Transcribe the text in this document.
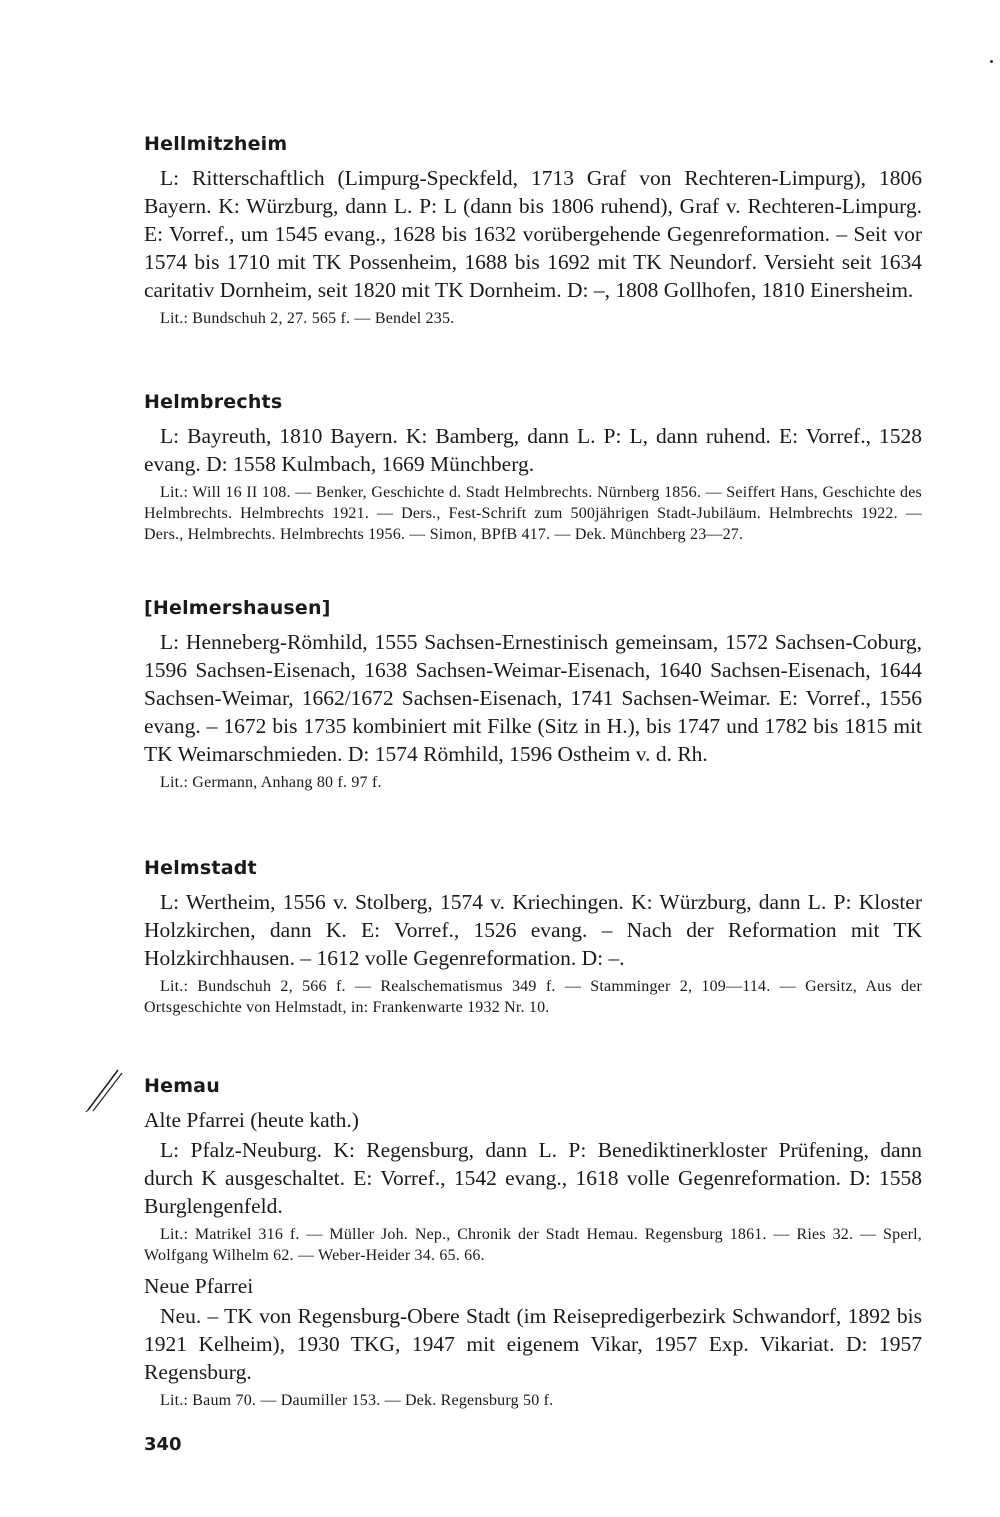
Hellmitzheim

L: Ritterschaftlich (Limpurg-Speckfeld, 1713 Graf von Rechteren-Limpurg), 1806 Bayern. K: Würzburg, dann L. P: L (dann bis 1806 ruhend), Graf v. Rechteren-Limpurg. E: Vorref., um 1545 evang., 1628 bis 1632 vorübergehende Gegenreformation. – Seit vor 1574 bis 1710 mit TK Possenheim, 1688 bis 1692 mit TK Neundorf. Versieht seit 1634 caritativ Dornheim, seit 1820 mit TK Dornheim. D: –, 1808 Gollhofen, 1810 Einersheim.

Lit.: Bundschuh 2, 27. 565 f. — Bendel 235.

Helmbrechts

L: Bayreuth, 1810 Bayern. K: Bamberg, dann L. P: L, dann ruhend. E: Vorref., 1528 evang. D: 1558 Kulmbach, 1669 Münchberg.

Lit.: Will 16 II 108. — Benker, Geschichte d. Stadt Helmbrechts. Nürnberg 1856. — Seiffert Hans, Geschichte des Helmbrechts. Helmbrechts 1921. — Ders., Fest-Schrift zum 500jährigen Stadt-Jubiläum. Helmbrechts 1922. — Ders., Helmbrechts. Helmbrechts 1956. — Simon, BPfB 417. — Dek. Münchberg 23—27.

[Helmershausen]

L: Henneberg-Römhild, 1555 Sachsen-Ernestinisch gemeinsam, 1572 Sachsen-Coburg, 1596 Sachsen-Eisenach, 1638 Sachsen-Weimar-Eisenach, 1640 Sachsen-Eisenach, 1644 Sachsen-Weimar, 1662/1672 Sachsen-Eisenach, 1741 Sachsen-Weimar. E: Vorref., 1556 evang. – 1672 bis 1735 kombiniert mit Filke (Sitz in H.), bis 1747 und 1782 bis 1815 mit TK Weimarschmieden. D: 1574 Römhild, 1596 Ostheim v. d. Rh.

Lit.: Germann, Anhang 80 f. 97 f.

Helmstadt

L: Wertheim, 1556 v. Stolberg, 1574 v. Kriechingen. K: Würzburg, dann L. P: Kloster Holzkirchen, dann K. E: Vorref., 1526 evang. – Nach der Reformation mit TK Holzkirchhausen. – 1612 volle Gegenreformation. D: –.

Lit.: Bundschuh 2, 566 f. — Realschematismus 349 f. — Stamminger 2, 109—114. — Gersitz, Aus der Ortsgeschichte von Helmstadt, in: Frankenwarte 1932 Nr. 10.

Hemau
Alte Pfarrei (heute kath.)

L: Pfalz-Neuburg. K: Regensburg, dann L. P: Benediktinerkloster Prüfening, dann durch K ausgeschaltet. E: Vorref., 1542 evang., 1618 volle Gegenreformation. D: 1558 Burglengenfeld.

Lit.: Matrikel 316 f. — Müller Joh. Nep., Chronik der Stadt Hemau. Regensburg 1861. — Ries 32. — Sperl, Wolfgang Wilhelm 62. — Weber-Heider 34. 65. 66.

Neue Pfarrei

Neu. – TK von Regensburg-Obere Stadt (im Reisepredigerbezirk Schwandorf, 1892 bis 1921 Kelheim), 1930 TKG, 1947 mit eigenem Vikar, 1957 Exp. Vikariat. D: 1957 Regensburg.

Lit.: Baum 70. — Daumiller 153. — Dek. Regensburg 50 f.

340
